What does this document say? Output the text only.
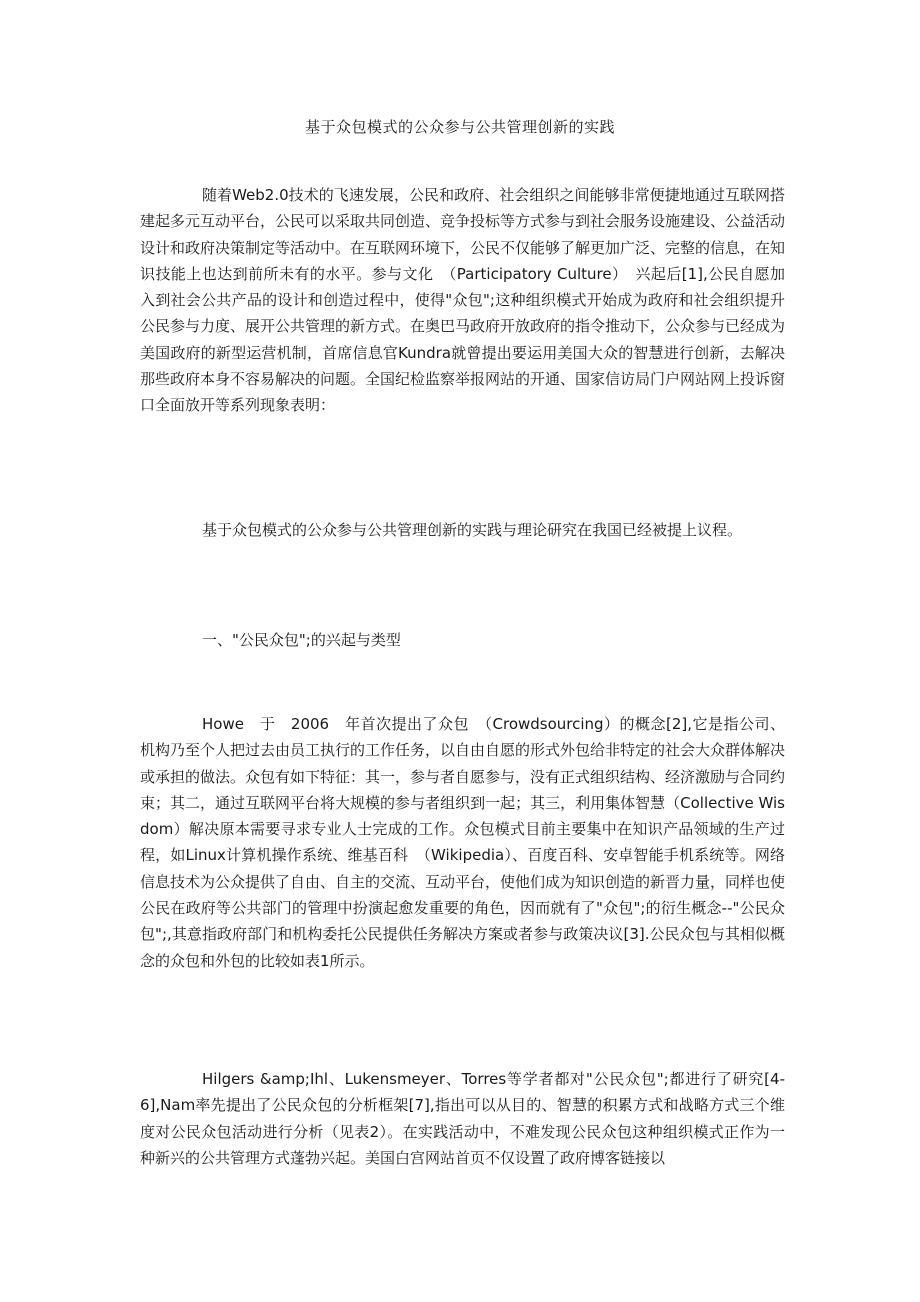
基于众包模式的公众参与公共管理创新的实践

随着Web2.0技术的飞速发展，公民和政府、社会组织之间能够非常便捷地通过互联网搭建起多元互动平台，公民可以采取共同创造、竞争投标等方式参与到社会服务设施建设、公益活动设计和政府决策制定等活动中。在互联网环境下，公民不仅能够了解更加广泛、完整的信息，在知识技能上也达到前所未有的水平。参与文化　（Participatory Culture）　兴起后[1],公民自愿加入到社会公共产品的设计和创造过程中，使得"众包";这种组织模式开始成为政府和社会组织提升公民参与力度、展开公共管理的新方式。在奥巴马政府开放政府的指令推动下，公众参与已经成为美国政府的新型运营机制，首席信息官Kundra就曾提出要运用美国大众的智慧进行创新，去解决那些政府本身不容易解决的问题。全国纪检监察举报网站的开通、国家信访局门户网站网上投诉窗口全面放开等系列现象表明：

基于众包模式的公众参与公共管理创新的实践与理论研究在我国已经被提上议程。
一、"公民众包";的兴起与类型

Howe　于　2006　年首次提出了众包　（Crowdsourcing）的概念[2],它是指公司、机构乃至个人把过去由员工执行的工作任务，以自由自愿的形式外包给非特定的社会大众群体解决或承担的做法。众包有如下特征：其一，参与者自愿参与，没有正式组织结构、经济激励与合同约束；其二，通过互联网平台将大规模的参与者组织到一起；其三，利用集体智慧（Collective Wisdom）解决原本需要寻求专业人士完成的工作。众包模式目前主要集中在知识产品领域的生产过程，如Linux计算机操作系统、维基百科　（Wikipedia）、百度百科、安卓智能手机系统等。网络信息技术为公众提供了自由、自主的交流、互动平台，使他们成为知识创造的新晋力量，同样也使公民在政府等公共部门的管理中扮演起愈发重要的角色，因而就有了"众包";的衍生概念--"公民众包";,其意指政府部门和机构委托公民提供任务解决方案或者参与政策决议[3].公民众包与其相似概念的众包和外包的比较如表1所示。

Hilgers &amp;Ihl、Lukensmeyer、Torres等学者都对"公民众包";都进行了研究[4-6],Nam率先提出了公民众包的分析框架[7],指出可以从目的、智慧的积累方式和战略方式三个维度对公民众包活动进行分析（见表2）。在实践活动中，不难发现公民众包这种组织模式正作为一种新兴的公共管理方式蓬勃兴起。美国白宫网站首页不仅设置了政府博客链接以
